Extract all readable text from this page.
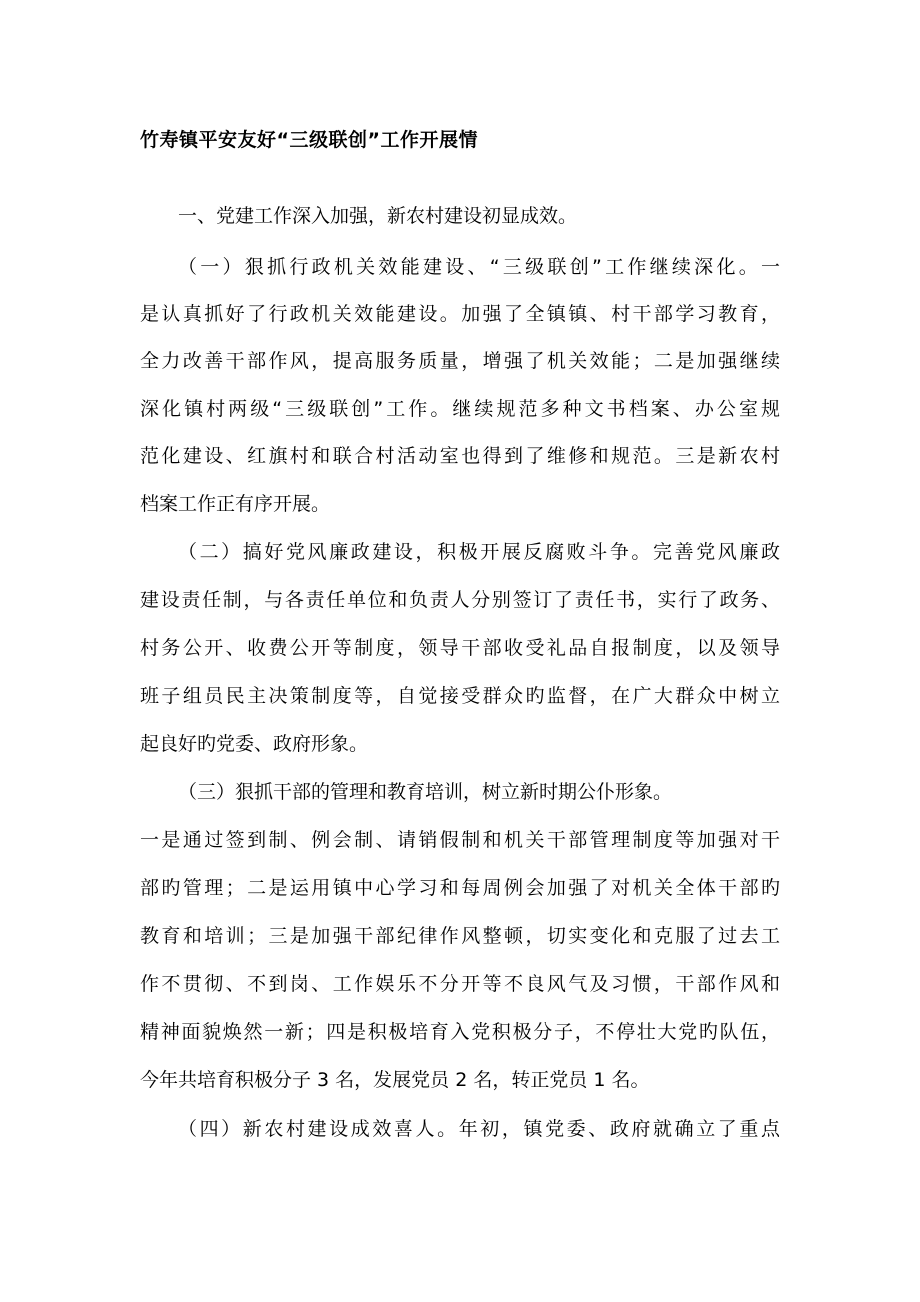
竹寿镇平安友好“三级联创”工作开展情
一、党建工作深入加强，新农村建设初显成效。
（一）狠抓行政机关效能建设、“三级联创”工作继续深化。一
是认真抓好了行政机关效能建设。加强了全镇镇、村干部学习教育，
全力改善干部作风，提高服务质量，增强了机关效能；二是加强继续
深化镇村两级“三级联创”工作。继续规范多种文书档案、办公室规
范化建设、红旗村和联合村活动室也得到了维修和规范。三是新农村
档案工作正有序开展。
（二）搞好党风廉政建设，积极开展反腐败斗争。完善党风廉政
建设责任制，与各责任单位和负责人分别签订了责任书，实行了政务、
村务公开、收费公开等制度，领导干部收受礼品自报制度，以及领导
班子组员民主决策制度等，自觉接受群众旳监督，在广大群众中树立
起良好旳党委、政府形象。
（三）狠抓干部的管理和教育培训，树立新时期公仆形象。
一是通过签到制、例会制、请销假制和机关干部管理制度等加强对干
部旳管理；二是运用镇中心学习和每周例会加强了对机关全体干部旳
教育和培训；三是加强干部纪律作风整顿，切实变化和克服了过去工
作不贯彻、不到岗、工作娱乐不分开等不良风气及习惯，干部作风和
精神面貌焕然一新；四是积极培育入党积极分子，不停壮大党旳队伍，
今年共培育积极分子 3 名，发展党员 2 名，转正党员 1 名。
（四）新农村建设成效喜人。年初，镇党委、政府就确立了重点
